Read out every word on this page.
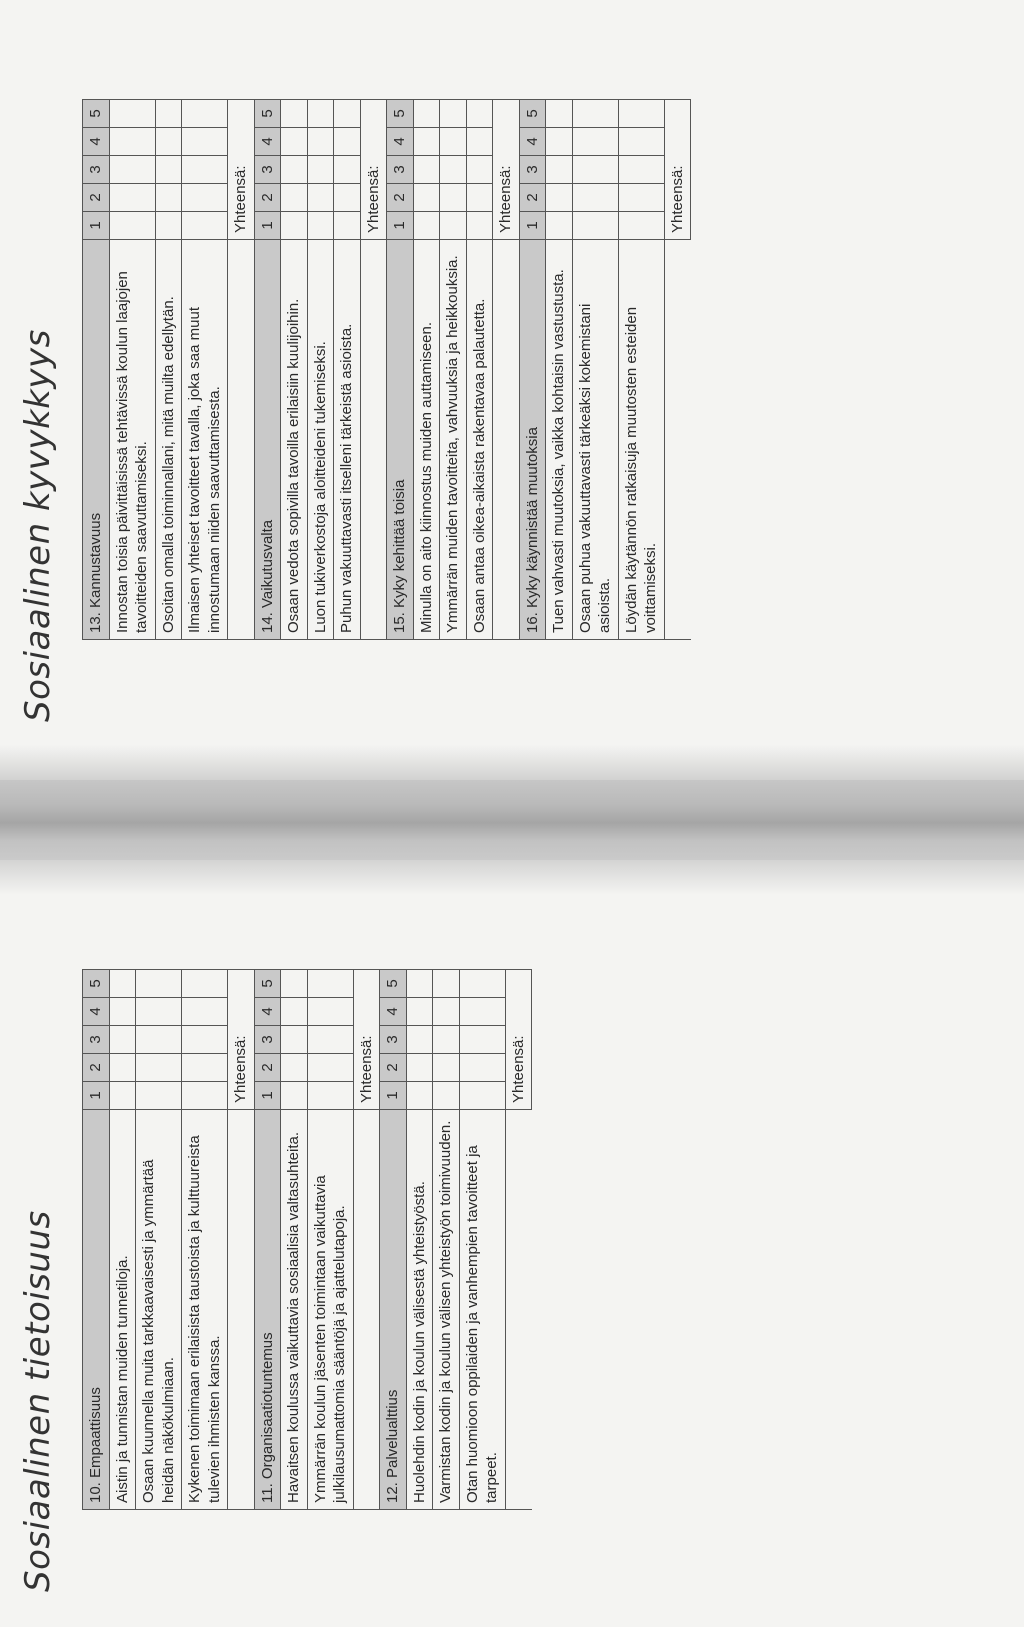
Sosiaalinen kyvykkyys 13. Kannustavuus	1	2	3	4	5
Innostan toisia päivittäisissä tehtävissä koulun laajojen tavoitteiden saavuttamiseksi.					
Osoitan omalla toiminnallani, mitä muilta edellytän.					
Ilmaisen yhteiset tavoitteet tavalla, joka saa muut innostumaan niiden saavuttamisesta.					
	Yhteensä:				
14. Vaikutusvalta	1	2	3	4	5
Osaan vedota sopivilla tavoilla erilaisiin kuulijoihin.					
Luon tukiverkostoja aloitteideni tukemiseksi.					
Puhun vakuuttavasti itselleni tärkeistä asioista.					
	Yhteensä:				
15. Kyky kehittää toisia	1	2	3	4	5
Minulla on aito kiinnostus muiden auttamiseen.					
Ymmärrän muiden tavoitteita, vahvuuksia ja heikkouksia.					
Osaan antaa oikea-aikaista rakentavaa palautetta.					
	Yhteensä:				
16. Kyky käynnistää muutoksia	1	2	3	4	5
Tuen vahvasti muutoksia, vaikka kohtaisin vastustusta.					
Osaan puhua vakuuttavasti tärkeäksi kokemistani asioista.					
Löydän käytännön ratkaisuja muutosten esteiden voittamiseksi.					
	Yhteensä:				
Sosiaalinen tietoisuus 10. Empaattisuus	1	2	3	4	5
Aistin ja tunnistan muiden tunnetiloja.					
Osaan kuunnella muita tarkkaavaisesti ja ymmärtää heidän näkökulmiaan.					
Kykenen toimimaan erilaisista taustoista ja kulttuureista tulevien ihmisten kanssa.					
	Yhteensä:				
11. Organisaatiotuntemus	1	2	3	4	5
Havaitsen koulussa vaikuttavia sosiaalisia valtasuhteita.					
Ymmärrän koulun jäsenten toimintaan vaikuttavia julkilausumattomia sääntöjä ja ajattelutapoja.					
	Yhteensä:				
12. Palvelualttius	1	2	3	4	5
Huolehdin kodin ja koulun välisestä yhteistyöstä.					
Varmistan kodin ja koulun välisen yhteistyön toimivuuden.					
Otan huomioon oppilaiden ja vanhempien tavoitteet ja tarpeet.					
	Yhteensä:				
